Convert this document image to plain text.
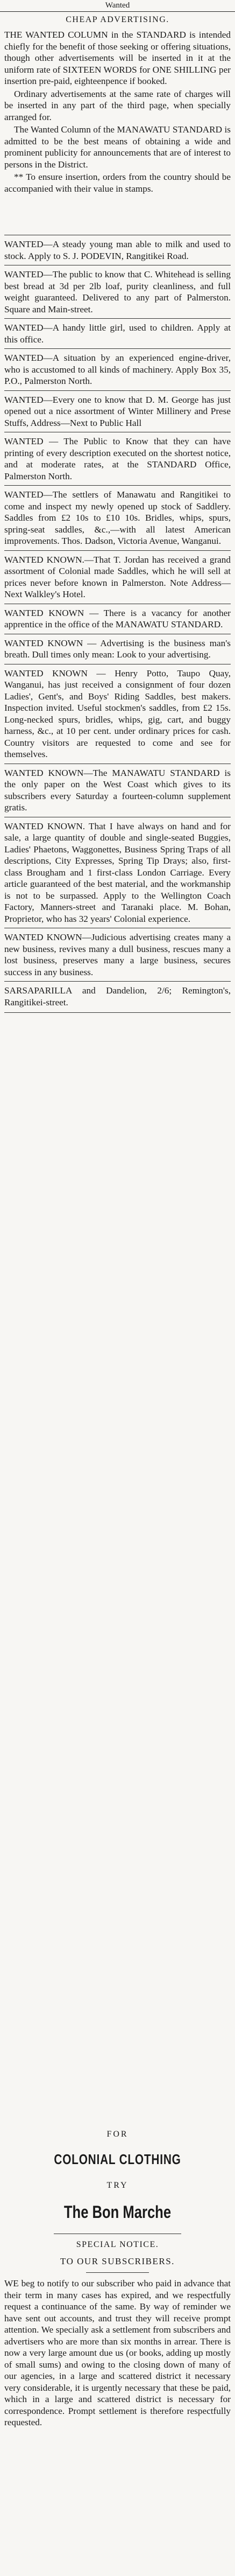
Wanted
CHEAP ADVERTISING.

THE WANTED COLUMN in the STANDARD is intended chiefly for the benefit of those seeking or offering situations, though other advertisements will be inserted in it at the uniform rate of SIXTEEN WORDS for ONE SHILLING per insertion pre-paid, eighteenpence if booked.

Ordinary advertisements at the same rate of charges will be inserted in any part of the third page, when specially arranged for.

The Wanted Column of the MANAWATU STANDARD is admitted to be the best means of obtaining a wide and prominent publicity for announcements that are of interest to persons in the District.

** To ensure insertion, orders from the country should be accompanied with their value in stamps.

WANTED—A steady young man able to milk and used to stock. Apply to S. J. PODEVIN, Rangitikei Road.

WANTED—The public to know that C. Whitehead is selling best bread at 3d per 2lb loaf, purity cleanliness, and full weight guaranteed. Delivered to any part of Palmerston. Square and Main-street.

WANTED—A handy little girl, used to children. Apply at this office.

WANTED—A situation by an experienced engine-driver, who is accustomed to all kinds of machinery. Apply Box 35, P.O., Palmerston North.

WANTED—Every one to know that D. M. George has just opened out a nice assortment of Winter Millinery and Prese Stuffs, Address—Next to Public Hall

WANTED — The Public to Know that they can have printing of every description executed on the shortest notice, and at moderate rates, at the STANDARD Office, Palmerston North.

WANTED—The settlers of Manawatu and Rangitikei to come and inspect my newly opened up stock of Saddlery. Saddles from £2 10s to £10 10s. Bridles, whips, spurs, spring-seat saddles, &c.,—with all latest American improvements. Thos. Dadson, Victoria Avenue, Wanganui.

WANTED KNOWN.—That T. Jordan has received a grand assortment of Colonial made Saddles, which he will sell at prices never before known in Palmerston. Note Address—Next Walkley's Hotel.

WANTED KNOWN — There is a vacancy for another apprentice in the office of the MANAWATU STANDARD.

WANTED KNOWN — Advertising is the business man's breath. Dull times only mean: Look to your advertising.

WANTED KNOWN — Henry Potto, Taupo Quay, Wanganui, has just received a consignment of four dozen Ladies', Gent's, and Boys' Riding Saddles, best makers. Inspection invited. Useful stockmen's saddles, from £2 15s. Long-necked spurs, bridles, whips, gig, cart, and buggy harness, &c., at 10 per cent. under ordinary prices for cash. Country visitors are requested to come and see for themselves.

WANTED KNOWN—The MANAWATU STANDARD is the only paper on the West Coast which gives to its subscribers every Saturday a fourteen-column supplement gratis.

WANTED KNOWN. That I have always on hand and for sale, a large quantity of double and single-seated Buggies, Ladies' Phaetons, Waggonettes, Business Spring Traps of all descriptions, City Expresses, Spring Tip Drays; also, first-class Brougham and 1 first-class London Carriage. Every article guaranteed of the best material, and the workmanship is not to be surpassed. Apply to the Wellington Coach Factory, Manners-street and Taranaki place. M. Bohan, Proprietor, who has 32 years' Colonial experience.

WANTED KNOWN—Judicious advertising creates many a new business, revives many a dull business, rescues many a lost business, preserves many a large business, secures success in any business.

SARSAPARILLA and Dandelion, 2/6; Remington's, Rangitikei-street.

FOR
COLONIAL CLOTHING
TRY
The Bon Marche
SPECIAL NOTICE.
TO OUR SUBSCRIBERS.

WE beg to notify to our subscriber who paid in advance that their term in many cases has expired, and we respectfully request a continuance of the same. By way of reminder we have sent out accounts, and trust they will receive prompt attention. We specially ask a settlement from subscribers and advertisers who are more than six months in arrear. There is now a very large amount due us (or books, adding up mostly of small sums) and owing to the closing down of many of our agencies, in a large and scattered district it necessary very considerable, it is urgently necessary that these be paid, which in a large and scattered district is necessary for correspondence. Prompt settlement is therefore respectfully requested.
